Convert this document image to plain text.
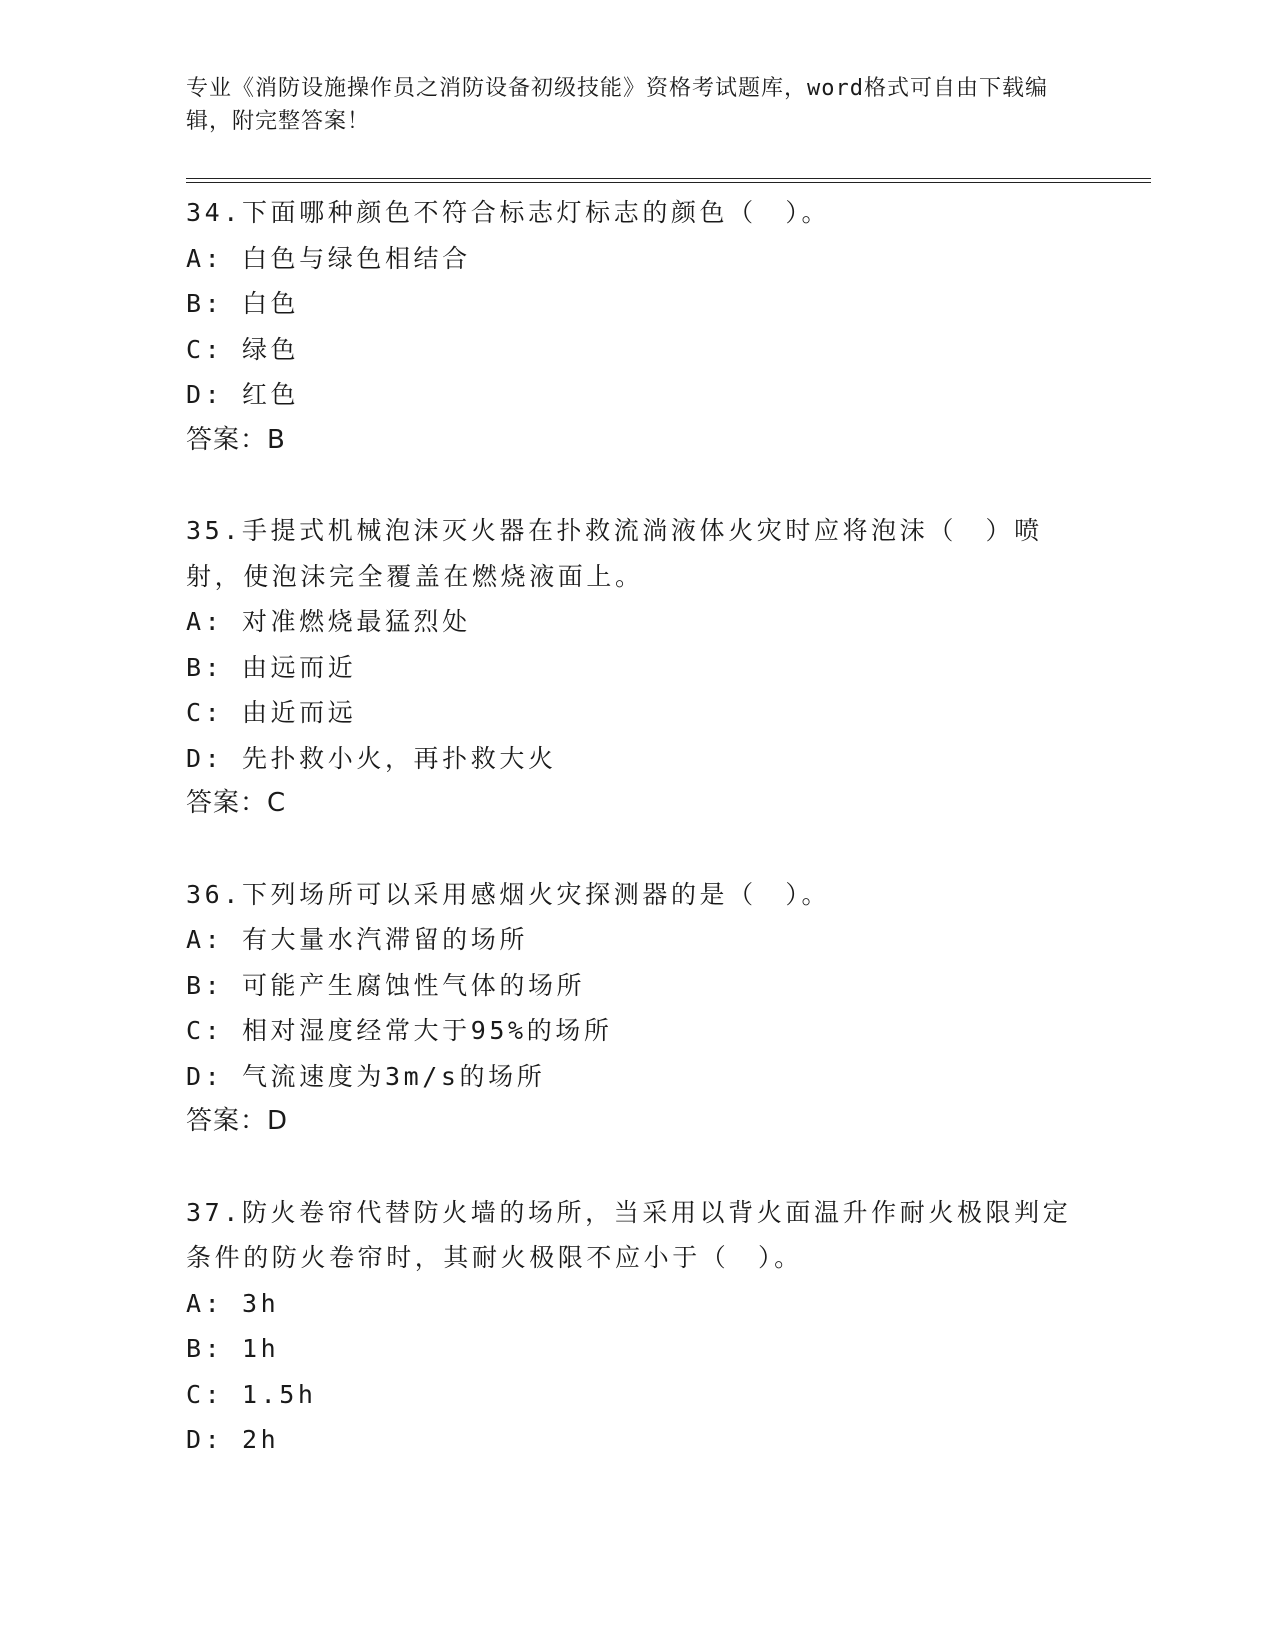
专业《消防设施操作员之消防设备初级技能》资格考试题库，word格式可自由下载编辑，附完整答案！
34.下面哪种颜色不符合标志灯标志的颜色（　）。
A: 白色与绿色相结合
B: 白色
C: 绿色
D: 红色
答案：B
35.手提式机械泡沫灭火器在扑救流淌液体火灾时应将泡沫（　）喷射，使泡沫完全覆盖在燃烧液面上。
A: 对准燃烧最猛烈处
B: 由远而近
C: 由近而远
D: 先扑救小火，再扑救大火
答案：C
36.下列场所可以采用感烟火灾探测器的是（　）。
A: 有大量水汽滞留的场所
B: 可能产生腐蚀性气体的场所
C: 相对湿度经常大于95%的场所
D: 气流速度为3m/s的场所
答案：D
37.防火卷帘代替防火墙的场所，当采用以背火面温升作耐火极限判定条件的防火卷帘时，其耐火极限不应小于（　）。
A: 3h
B: 1h
C: 1.5h
D: 2h
